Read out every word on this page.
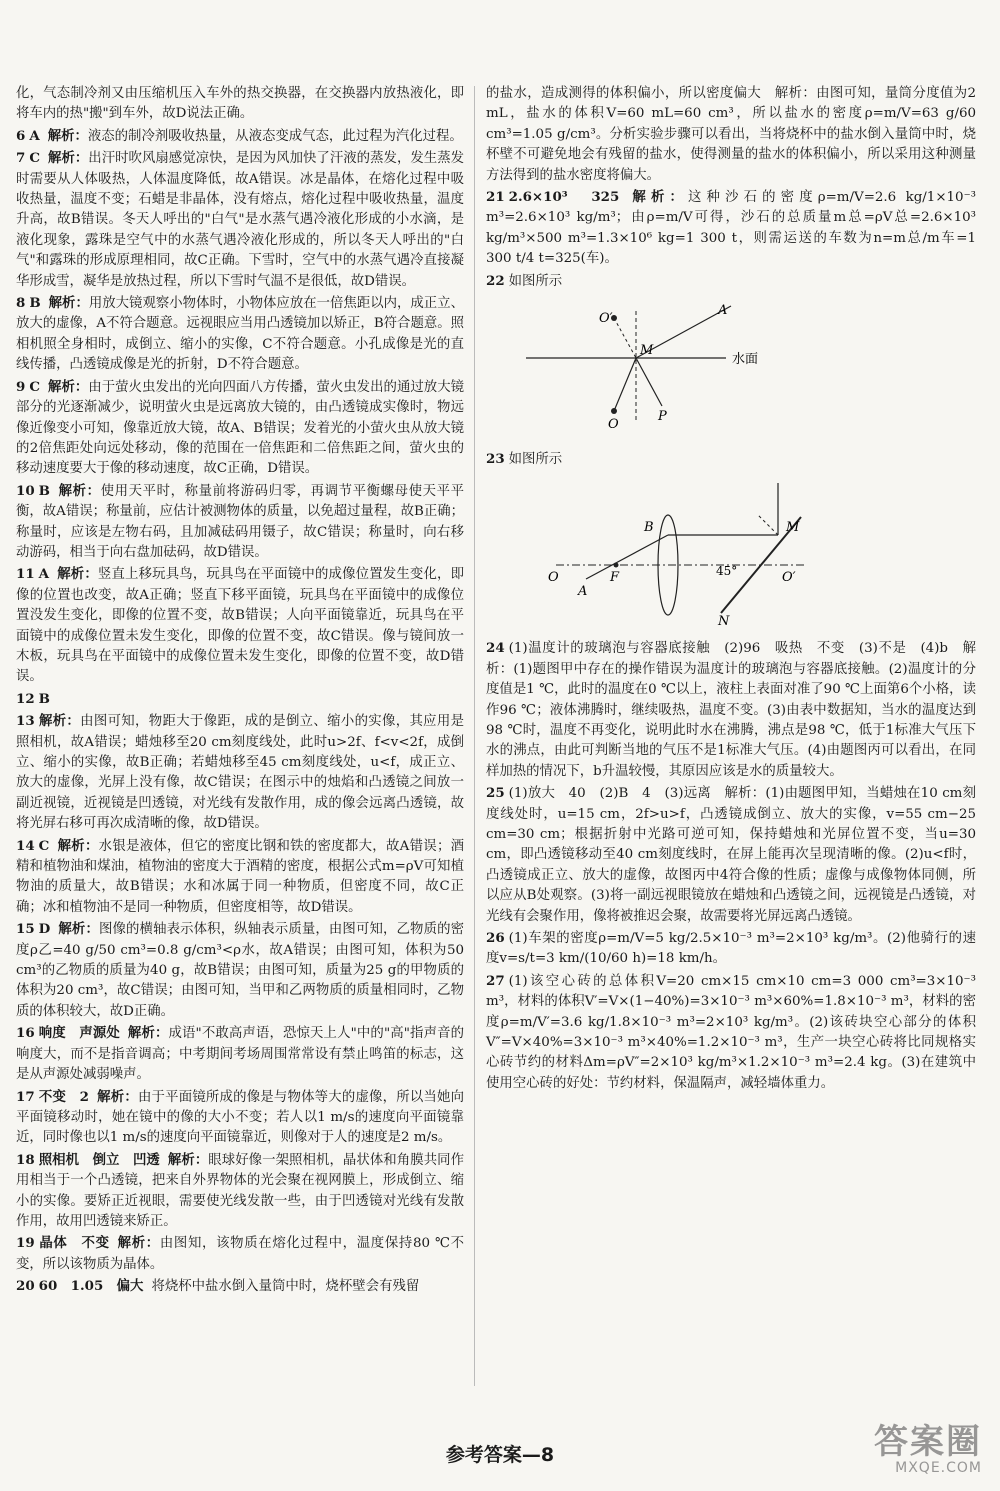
化，气态制冷剂又由压缩机压入车外的热交换器，在交换器内放热液化，即将车内的热"搬"到车外，故D说法正确。
6 A 解析：液态的制冷剂吸收热量，从液态变成气态，此过程为汽化过程。
7 C 解析：出汗时吹风扇感觉凉快，是因为风加快了汗液的蒸发，发生蒸发时需要从人体吸热，人体温度降低，故A错误。冰是晶体，在熔化过程中吸收热量，温度不变；石蜡是非晶体，没有熔点，熔化过程中吸收热量，温度升高，故B错误。冬天人呼出的"白气"是水蒸气遇冷液化形成的小水滴，是液化现象，露珠是空气中的水蒸气遇冷液化形成的，所以冬天人呼出的"白气"和露珠的形成原理相同，故C正确。下雪时，空气中的水蒸气遇冷直接凝华形成雪，凝华是放热过程，所以下雪时气温不是很低，故D错误。
8 B 解析：用放大镜观察小物体时，小物体应放在一倍焦距以内，成正立、放大的虚像，A不符合题意。远视眼应当用凸透镜加以矫正，B符合题意。照相机照全身相时，成倒立、缩小的实像，C不符合题意。小孔成像是光的直线传播，凸透镜成像是光的折射，D不符合题意。
9 C 解析：由于萤火虫发出的光向四面八方传播，萤火虫发出的通过放大镜部分的光逐渐减少，说明萤火虫是远离放大镜的，由凸透镜成实像时，物远像近像变小可知，像靠近放大镜，故A、B错误；发着光的小萤火虫从放大镜的2倍焦距处向远处移动，像的范围在一倍焦距和二倍焦距之间，萤火虫的移动速度要大于像的移动速度，故C正确，D错误。
10 B 解析：使用天平时，称量前将游码归零，再调节平衡螺母使天平平衡，故A错误；称量前，应估计被测物体的质量，以免超过量程，故B正确；称量时，应该是左物右码，且加减砝码用镊子，故C错误；称量时，向右移动游码，相当于向右盘加砝码，故D错误。
11 A 解析：竖直上移玩具鸟，玩具鸟在平面镜中的成像位置发生变化，即像的位置也改变，故A正确；竖直下移平面镜，玩具鸟在平面镜中的成像位置没发生变化，即像的位置不变，故B错误；人向平面镜靠近，玩具鸟在平面镜中的成像位置未发生变化，即像的位置不变，故C错误。像与镜间放一木板，玩具鸟在平面镜中的成像位置未发生变化，即像的位置不变，故D错误。
12 B
13 解析：由图可知，物距大于像距，成的是倒立、缩小的实像，其应用是照相机，故A错误；蜡烛移至20 cm刻度线处，此时u>2f、f<v<2f，成倒立、缩小的实像，故B正确；若蜡烛移至45 cm刻度线处，u<f，成正立、放大的虚像，光屏上没有像，故C错误；在图示中的烛焰和凸透镜之间放一副近视镜，近视镜是凹透镜，对光线有发散作用，成的像会远离凸透镜，故将光屏右移可再次成清晰的像，故D错误。
14 C 解析：水银是液体，但它的密度比钢和铁的密度都大，故A错误；酒精和植物油和煤油，植物油的密度大于酒精的密度，根据公式m=ρV可知植物油的质量大，故B错误；水和冰属于同一种物质，但密度不同，故C正确；冰和植物油不是同一种物质，但密度相等，故D错误。
15 D 解析：图像的横轴表示体积，纵轴表示质量，由图可知，乙物质的密度ρ乙=40 g/50 cm³=0.8 g/cm³<ρ水，故A错误；由图可知，体积为50 cm³的乙物质的质量为40 g，故B错误；由图可知，质量为25 g的甲物质的体积为20 cm³，故C错误；由图可知，当甲和乙两物质的质量相同时，乙物质的体积较大，故D正确。
16 响度　声源处 解析：成语"不敢高声语，恐惊天上人"中的"高"指声音的响度大，而不是指音调高；中考期间考场周围常常设有禁止鸣笛的标志，这是从声源处减弱噪声。
17 不变　2 解析：由于平面镜所成的像是与物体等大的虚像，所以当她向平面镜移动时，她在镜中的像的大小不变；若人以1 m/s的速度向平面镜靠近，同时像也以1 m/s的速度向平面镜靠近，则像对于人的速度是2 m/s。
18 照相机　倒立　凹透 解析：眼球好像一架照相机，晶状体和角膜共同作用相当于一个凸透镜，把来自外界物体的光会聚在视网膜上，形成倒立、缩小的实像。要矫正近视眼，需要使光线发散一些，由于凹透镜对光线有发散作用，故用凹透镜来矫正。
19 晶体　不变 解析：由图知，该物质在熔化过程中，温度保持80 ℃不变，所以该物质为晶体。
20 60　1.05　偏大 将烧杯中盐水倒入量筒中时，烧杯壁会有残留
的盐水，造成测得的体积偏小，所以密度偏大　解析：由图可知，量筒分度值为2 mL，盐水的体积V=60 mL=60 cm³，所以盐水的密度ρ=m/V=63 g/60 cm³=1.05 g/cm³。分析实验步骤可以看出，当将烧杯中的盐水倒入量筒中时，烧杯壁不可避免地会有残留的盐水，使得测量的盐水的体积偏小，所以采用这种测量方法得到的盐水密度将偏大。
21 2.6×10³　325 解析：这种沙石的密度ρ=m/V=2.6 kg/1×10⁻³ m³=2.6×10³ kg/m³；由ρ=m/V可得，沙石的总质量m总=ρV总=2.6×10³ kg/m³×500 m³=1.3×10⁶ kg=1 300 t，则需运送的车数为n=m总/m车=1 300 t/4 t=325(车)。
22 如图所示
O′
A
M
O
P
水面
23 如图所示
O
A
F
B	M
45°	O′
N
24 (1)温度计的玻璃泡与容器底接触　(2)96　吸热　不变　(3)不是　(4)b　解析：(1)题图甲中存在的操作错误为温度计的玻璃泡与容器底接触。(2)温度计的分度值是1 ℃，此时的温度在0 ℃以上，液柱上表面对准了90 ℃上面第6个小格，读作96 ℃；液体沸腾时，继续吸热，温度不变。(3)由表中数据知，当水的温度达到98 ℃时，温度不再变化，说明此时水在沸腾，沸点是98 ℃，低于1标准大气压下水的沸点，由此可判断当地的气压不是1标准大气压。(4)由题图丙可以看出，在同样加热的情况下，b升温较慢，其原因应该是水的质量较大。
25 (1)放大　40　(2)B　4　(3)远离　解析：(1)由题图甲知，当蜡烛在10 cm刻度线处时，u=15 cm，2f>u>f，凸透镜成倒立、放大的实像，v=55 cm−25 cm=30 cm；根据折射中光路可逆可知，保持蜡烛和光屏位置不变，当u=30 cm，即凸透镜移动至40 cm刻度线时，在屏上能再次呈现清晰的像。(2)u<f时，凸透镜成正立、放大的虚像，故图丙中4符合像的性质；虚像与成像物体同侧，所以应从B处观察。(3)将一副远视眼镜放在蜡烛和凸透镜之间，远视镜是凸透镜，对光线有会聚作用，像将被推迟会聚，故需要将光屏远离凸透镜。
26 (1)车架的密度ρ=m/V=5 kg/2.5×10⁻³ m³=2×10³ kg/m³。(2)他骑行的速度v=s/t=3 km/(10/60 h)=18 km/h。
27 (1)该空心砖的总体积V=20 cm×15 cm×10 cm=3 000 cm³=3×10⁻³ m³，材料的体积V′=V×(1−40%)=3×10⁻³ m³×60%=1.8×10⁻³ m³，材料的密度ρ=m/V′=3.6 kg/1.8×10⁻³ m³=2×10³ kg/m³。(2)该砖块空心部分的体积V″=V×40%=3×10⁻³ m³×40%=1.2×10⁻³ m³，生产一块空心砖将比同规格实心砖节约的材料Δm=ρV″=2×10³ kg/m³×1.2×10⁻³ m³=2.4 kg。(3)在建筑中使用空心砖的好处：节约材料，保温隔声，减轻墙体重力。
参考答案—8	答案圈
MXQE.COM
